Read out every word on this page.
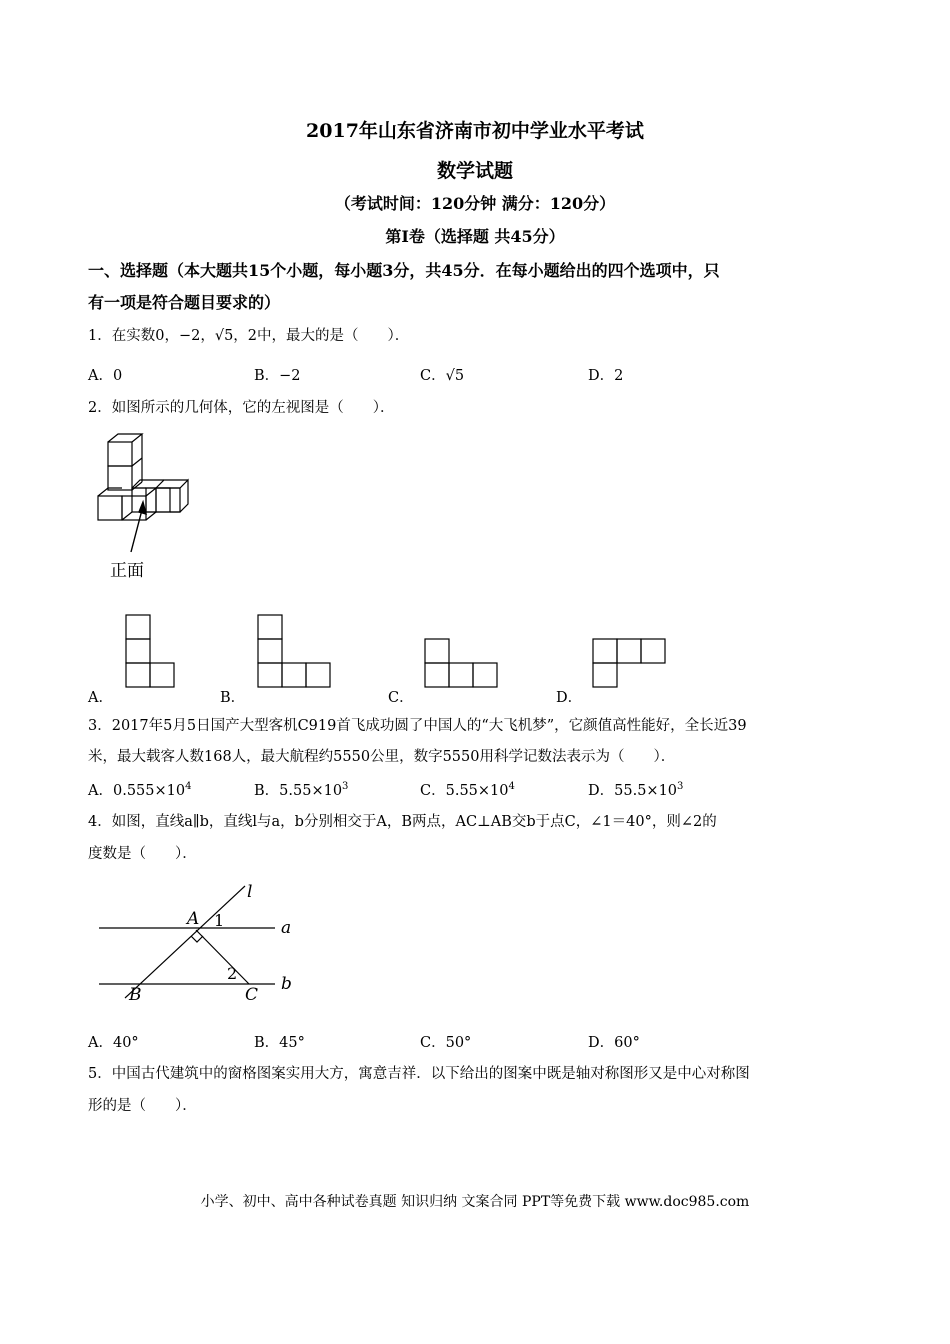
2017年山东省济南市初中学业水平考试
数学试题
（考试时间：120分钟 满分：120分）
第Ⅰ卷（选择题 共45分）
一、选择题（本大题共15个小题，每小题3分，共45分．在每小题给出的四个选项中，只
有一项是符合题目要求的）
1．在实数0，−2，√5，2中，最大的是（　　）．
A．0	B．−2	C．√5	D．2
2．如图所示的几何体，它的左视图是（　　）．
正面
A．	B．	C．	D．
3．2017年5月5日国产大型客机C919首飞成功圆了中国人的“大飞机梦”，它颜值高性能好，全长近39
米，最大载客人数168人，最大航程约5550公里，数字5550用科学记数法表示为（　　）．
A．$0.555\times 10^4$	B．$5.55\times 10^3$	C．$5.55\times 10^4$	D．$55.5\times 10^3$
4．如图，直线a∥b，直线l与a，b分别相交于A，B两点，AC⊥AB交b于点C，∠1＝40°，则∠2的
度数是（　　）．
l
a
b
A
B	C
1
2
A．40°	B．45°	C．50°	D．60°
5．中国古代建筑中的窗格图案实用大方，寓意吉祥．以下给出的图案中既是轴对称图形又是中心对称图
形的是（　　）．
小学、初中、高中各种试卷真题 知识归纳 文案合同 PPT等免费下载 www.doc985.com
